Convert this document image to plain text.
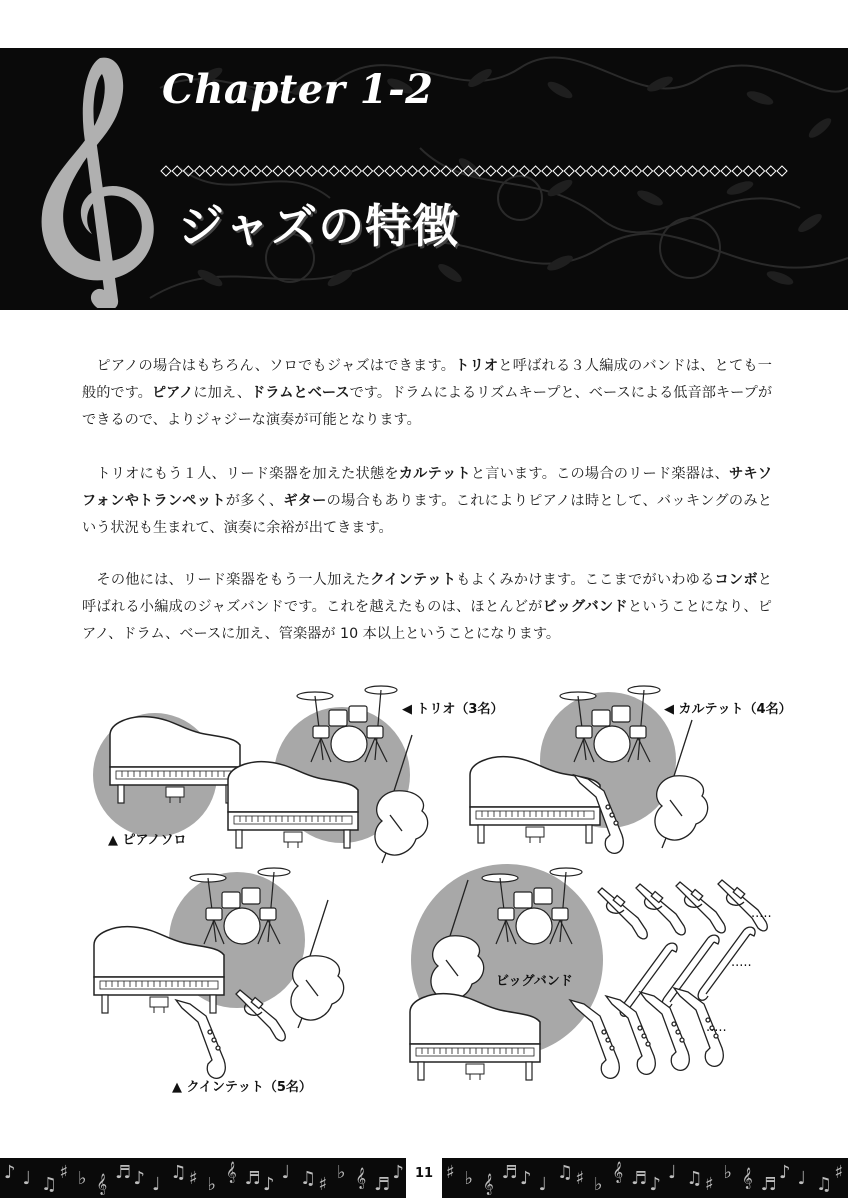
Chapter 1-2
ジャズの特徴

　ピアノの場合はもちろん、ソロでもジャズはできます。トリオと呼ばれる３人編成のバンドは、とても一般的です。ピアノに加え、ドラムとベースです。ドラムによるリズムキープと、ベースによる低音部キープができるので、よりジャジーな演奏が可能となります。

　トリオにもう１人、リード楽器を加えた状態をカルテットと言います。この場合のリード楽器は、サキソフォンやトランペットが多く、ギターの場合もあります。これによりピアノは時として、バッキングのみという状況も生まれて、演奏に余裕が出てきます。

　その他には、リード楽器をもう一人加えたクインテットもよくみかけます。ここまでがいわゆるコンボと呼ばれる小編成のジャズバンドです。これを越えたものは、ほとんどがビッグバンドということになり、ピアノ、ドラム、ベースに加え、管楽器が 10 本以上ということになります。

▲ ピアノソロ
◀ トリオ（3名）	◀ カルテット（4名）
▲ クインテット（5名）
ビッグバンド
.....
.....
.....
♪ ♩ ♫
♯ ♭ 𝄞
♬ ♪ ♩
♫ ♯ ♭
𝄞 ♬ ♪
♩ ♫ ♯
♭ 𝄞 ♬
♪ 11 ♯ ♭ 𝄞
♬ ♪ ♩
♫ ♯ ♭
𝄞 ♬ ♪
♩ ♫ ♯
♭ 𝄞 ♬
♪ ♩ ♫
♯
